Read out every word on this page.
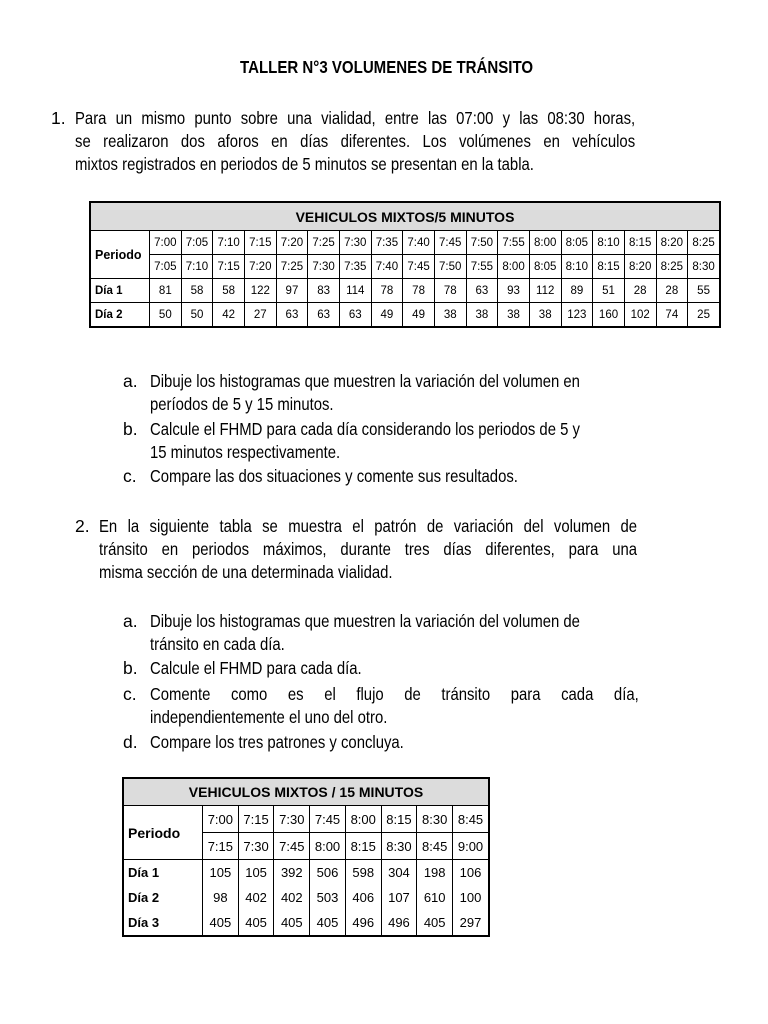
TALLER N°3 VOLUMENES DE TRÁNSITO
1. Para un mismo punto sobre una vialidad, entre las 07:00 y las 08:30 horas,
se realizaron dos aforos en días diferentes. Los volúmenes en vehículos
mixtos registrados en periodos de 5 minutos se presentan en la tabla.
VEHICULOS MIXTOS/5 MINUTOS																		
Periodo	7:00	7:05	7:10	7:15	7:20	7:25	7:30	7:35	7:40	7:45	7:50	7:55	8:00	8:05	8:10	8:15	8:20	8:25
	7:05	7:10	7:15	7:20	7:25	7:30	7:35	7:40	7:45	7:50	7:55	8:00	8:05	8:10	8:15	8:20	8:25	8:30
Día 1	81	58	58	122	97	83	114	78	78	78	63	93	112	89	51	28	28	55
Día 2	50	50	42	27	63	63	63	49	49	38	38	38	38	123	160	102	74	25
a. Dibuje los histogramas que muestren la variación del volumen en
períodos de 5 y 15 minutos.
b. Calcule el FHMD para cada día considerando los periodos de 5 y
15 minutos respectivamente.
c. Compare las dos situaciones y comente sus resultados.
2. En la siguiente tabla se muestra el patrón de variación del volumen de
tránsito en periodos máximos, durante tres días diferentes, para una
misma sección de una determinada vialidad.
a. Dibuje los histogramas que muestren la variación del volumen de
tránsito en cada día.
b. Calcule el FHMD para cada día.
c. Comente como es el flujo de tránsito para cada día,
independientemente el uno del otro.
d. Compare los tres patrones y concluya.
VEHICULOS MIXTOS / 15 MINUTOS								
Periodo	7:00	7:15	7:30	7:45	8:00	8:15	8:30	8:45
	7:15	7:30	7:45	8:00	8:15	8:30	8:45	9:00
Día 1	105	105	392	506	598	304	198	106
Día 2	98	402	402	503	406	107	610	100
Día 3	405	405	405	405	496	496	405	297
